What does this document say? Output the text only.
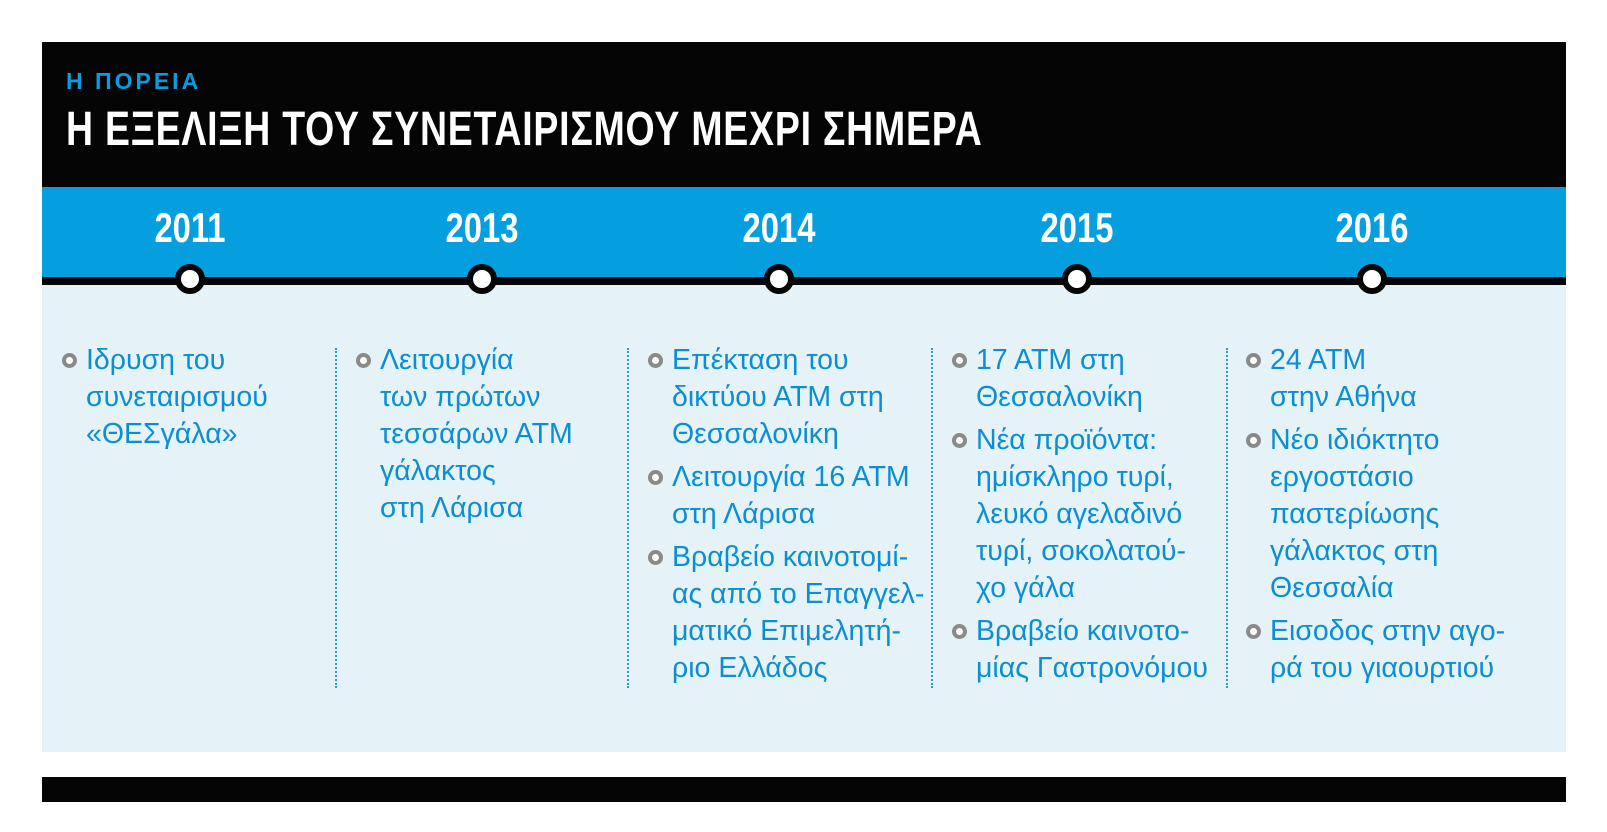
Η ΠΟΡΕΙΑ
Η ΕΞΕΛΙΞΗ ΤΟΥ ΣΥΝΕΤΑΙΡΙΣΜΟΥ ΜΕΧΡΙ ΣΗΜΕΡΑ
2011
Ιδρυση του
συνεταιρισμού
«ΘΕΣγάλα»
2013
Λειτουργία
των πρώτων
τεσσάρων ΑΤΜ
γάλακτος
στη Λάρισα
2014
Επέκταση του
δικτύου ΑΤΜ στη
Θεσσαλονίκη
Λειτουργία 16 ΑΤΜ
στη Λάρισα
Βραβείο καινοτομί-
ας από το Επαγγελ-
ματικό Επιμελητή-
ριο Ελλάδος
2015
17 ΑΤΜ στη
Θεσσαλονίκη
Νέα προϊόντα:
ημίσκληρο τυρί,
λευκό αγελαδινό
τυρί, σοκολατού-
χο γάλα
Βραβείο καινοτο-
μίας Γαστρονόμου
2016
24 ΑΤΜ
στην Αθήνα
Νέο ιδιόκτητο
εργοστάσιο
παστερίωσης
γάλακτος στη
Θεσσαλία
Εισοδος στην αγο-
ρά του γιαουρτιού
